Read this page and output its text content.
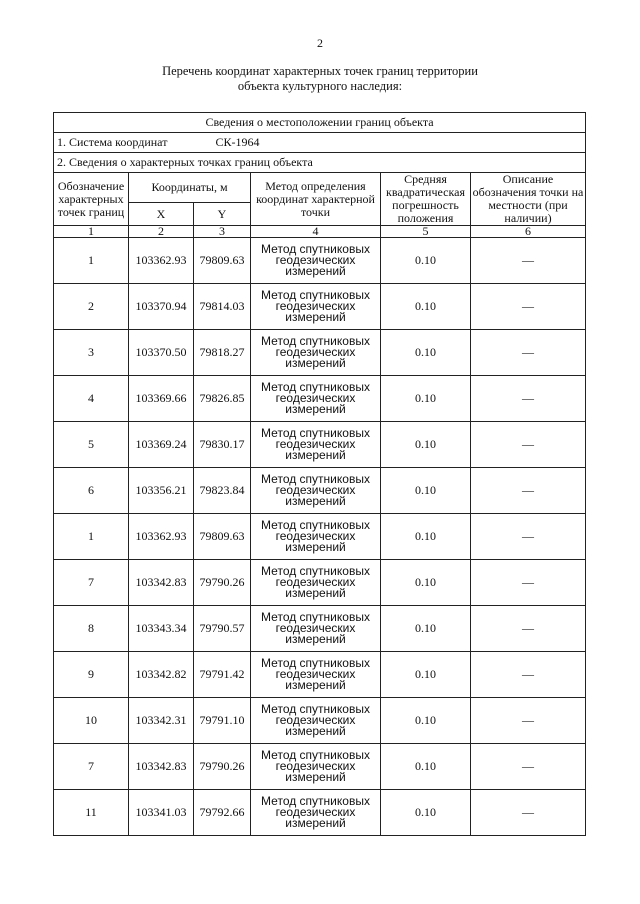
2
Перечень координат характерных точек границ территории
объекта культурного наследия:
Сведения о местоположении границ объекта					
1. Система координат СК-1964					
2. Сведения о характерных точках границ объекта					
Обозначение характерных точек границ	Координаты, м		Метод определения координат характерной точки	Средняя квадратическая погрешность положения	Описание обозначения точки на местности (при наличии)
	X	Y			
1	2	3	4	5	6
1	103362.93	79809.63	Метод спутниковых геодезических измерений	0.10	—
2	103370.94	79814.03	Метод спутниковых геодезических измерений	0.10	—
3	103370.50	79818.27	Метод спутниковых геодезических измерений	0.10	—
4	103369.66	79826.85	Метод спутниковых геодезических измерений	0.10	—
5	103369.24	79830.17	Метод спутниковых геодезических измерений	0.10	—
6	103356.21	79823.84	Метод спутниковых геодезических измерений	0.10	—
1	103362.93	79809.63	Метод спутниковых геодезических измерений	0.10	—
7	103342.83	79790.26	Метод спутниковых геодезических измерений	0.10	—
8	103343.34	79790.57	Метод спутниковых геодезических измерений	0.10	—
9	103342.82	79791.42	Метод спутниковых геодезических измерений	0.10	—
10	103342.31	79791.10	Метод спутниковых геодезических измерений	0.10	—
7	103342.83	79790.26	Метод спутниковых геодезических измерений	0.10	—
11	103341.03	79792.66	Метод спутниковых геодезических измерений	0.10	—
